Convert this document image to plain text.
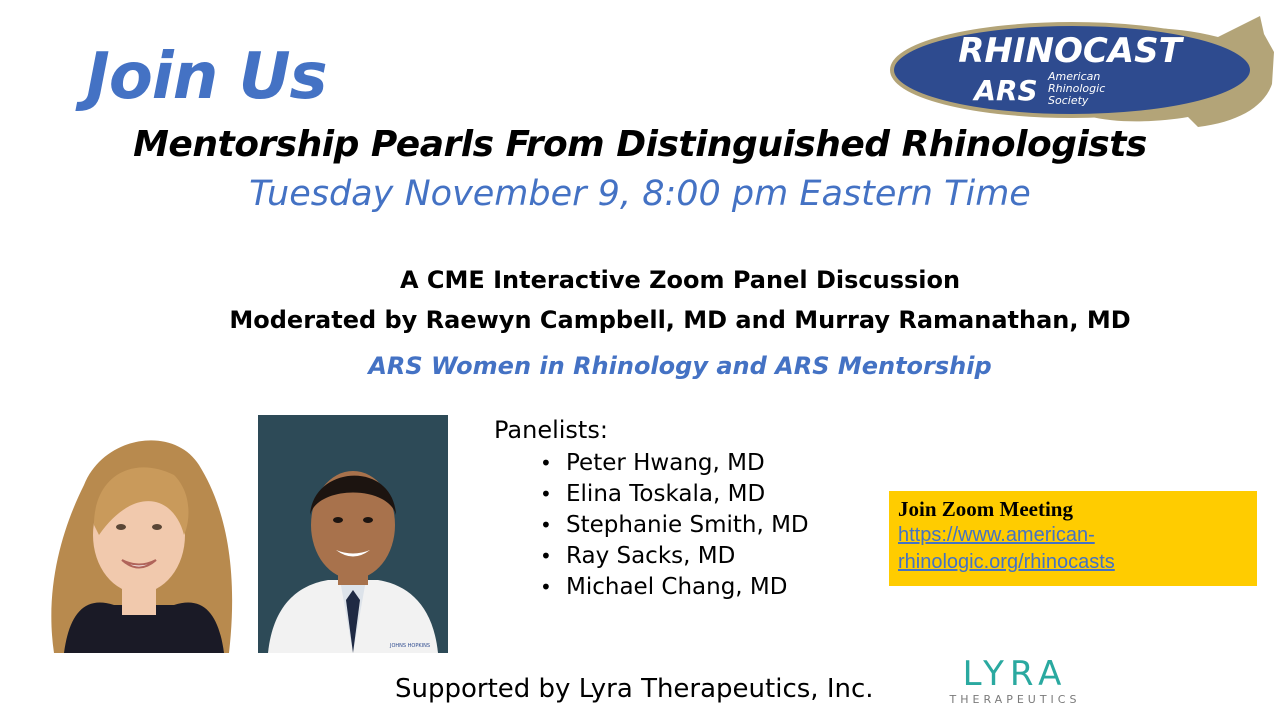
Join Us
Mentorship Pearls From Distinguished Rhinologists
Tuesday November 9, 8:00 pm Eastern Time
RHINOCAST
ARS American
Rhinologic
Society
A CME Interactive Zoom Panel Discussion
Moderated by Raewyn Campbell, MD and Murray Ramanathan, MD
ARS Women in Rhinology and ARS Mentorship
JOHNS HOPKINS
Panelists:
• Peter Hwang, MD
• Elina Toskala, MD
• Stephanie Smith, MD
• Ray Sacks, MD
• Michael Chang, MD
Join Zoom Meeting
https://www.american-
rhinologic.org/rhinocasts
Supported by Lyra Therapeutics, Inc.	LYRA
THERAPEUTICS
